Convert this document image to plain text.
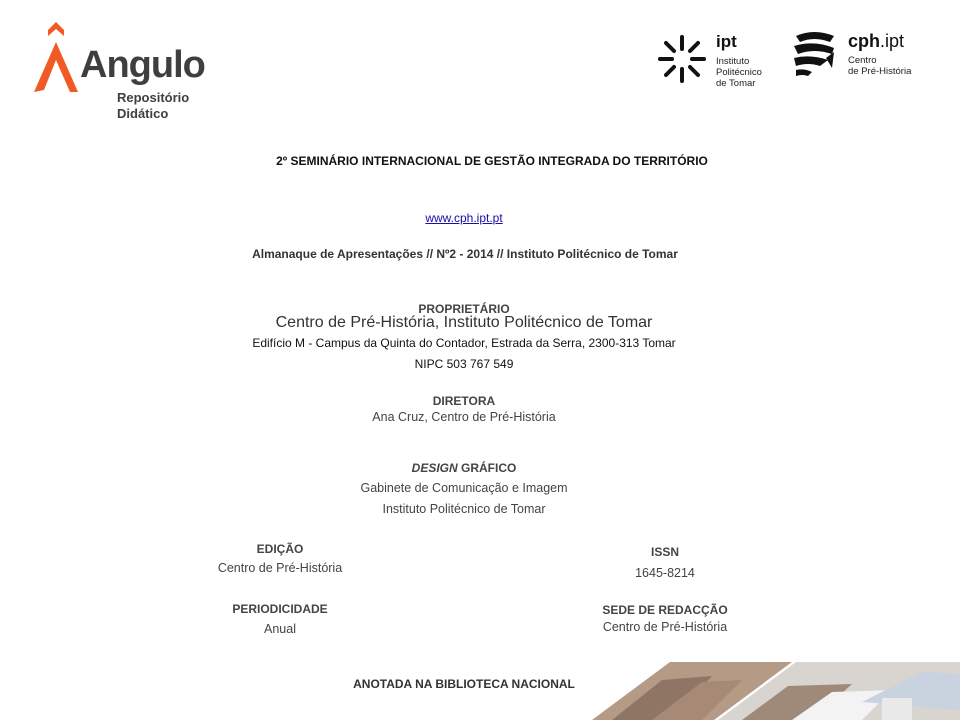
Angulo
Repositório
Didático
ipt
Instituto
Politécnico
de Tomar
cph.ipt
Centro
de Pré-História
2º SEMINÁRIO INTERNACIONAL DE GESTÃO INTEGRADA DO TERRITÓRIO
www.cph.ipt.pt
Almanaque de Apresentações // Nº2 - 2014 // Instituto Politécnico de Tomar
PROPRIETÁRIO
Centro de Pré-História, Instituto Politécnico de Tomar
Edifício M - Campus da Quinta do Contador, Estrada da Serra, 2300-313 Tomar
NIPC 503 767 549
DIRETORA
Ana Cruz, Centro de Pré-História
DESIGN GRÁFICO
Gabinete de Comunicação e Imagem
Instituto Politécnico de Tomar
EDIÇÃO
Centro de Pré-História
PERIODICIDADE
Anual
ISSN
1645-8214
SEDE DE REDACÇÃO
Centro de Pré-História
ANOTADA NA BIBLIOTECA NACIONAL
